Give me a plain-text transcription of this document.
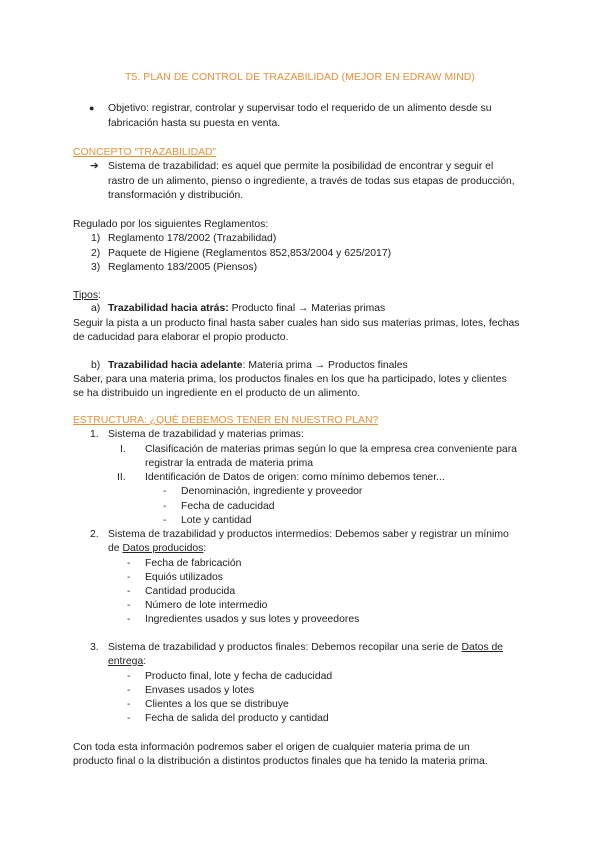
T5. PLAN DE CONTROL DE TRAZABILIDAD (MEJOR EN EDRAW MIND)
● Objetivo: registrar, controlar y supervisar todo el requerido de un alimento desde su
fabricación hasta su puesta en venta.
CONCEPTO “TRAZABILIDAD”
➔ Sistema de trazabilidad: es aquel que permite la posibilidad de encontrar y seguir el
rastro de un alimento, pienso o ingrediente, a través de todas sus etapas de producción,
transformación y distribución.
Regulado por los siguientes Reglamentos:
1) Reglamento 178/2002 (Trazabilidad)
2) Paquete de Higiene (Reglamentos 852,853/2004 y 625/2017)
3) Reglamento 183/2005 (Piensos)
Tipos:
a) Trazabilidad hacia atrás: Producto final → Materias primas
Seguir la pista a un producto final hasta saber cuales han sido sus materias primas, lotes, fechas
de caducidad para elaborar el propio producto.
b) Trazabilidad hacia adelante: Materia prima → Productos finales
Saber, para una materia prima, los productos finales en los que ha participado, lotes y clientes
se ha distribuido un ingrediente en el producto de un alimento.
ESTRUCTURA: ¿QUÉ DEBEMOS TENER EN NUESTRO PLAN?
1. Sistema de trazabilidad y materias primas:
I. Clasificación de materias primas según lo que la empresa crea conveniente para
registrar la entrada de materia prima
II. Identificación de Datos de origen: como mínimo debemos tener...
- Denominación, ingrediente y proveedor
- Fecha de caducidad
- Lote y cantidad
2. Sistema de trazabilidad y productos intermedios: Debemos saber y registrar un mínimo
de Datos producidos:
- Fecha de fabricación
- Equiós utilizados
- Cantidad producida
- Número de lote intermedio
- Ingredientes usados y sus lotes y proveedores
3. Sistema de trazabilidad y productos finales: Debemos recopilar una serie de Datos de
entrega:
- Producto final, lote y fecha de caducidad
- Envases usados y lotes
- Clientes a los que se distribuye
- Fecha de salida del producto y cantidad
Con toda esta información podremos saber el origen de cualquier materia prima de un
producto final o la distribución a distintos productos finales que ha tenido la materia prima.
